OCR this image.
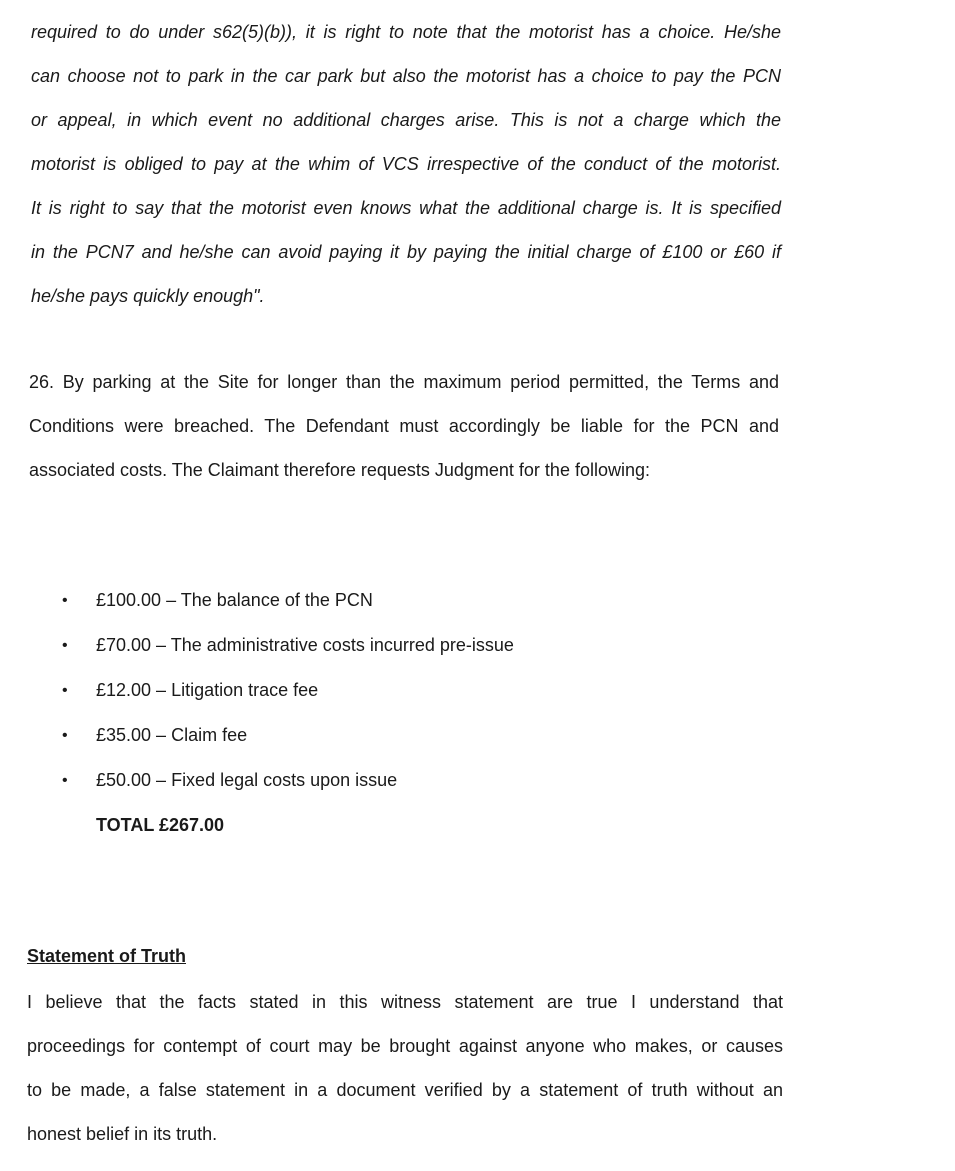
required to do under s62(5)(b)), it is right to note that the motorist has a choice. He/she
can choose not to park in the car park but also the motorist has a choice to pay the PCN
or appeal, in which event no additional charges arise. This is not a charge which the
motorist is obliged to pay at the whim of VCS irrespective of the conduct of the motorist.
It is right to say that the motorist even knows what the additional charge is. It is specified
in the PCN7 and he/she can avoid paying it by paying the initial charge of £100 or £60 if
he/she pays quickly enough".

26. By parking at the Site for longer than the maximum period permitted, the Terms and
Conditions were breached. The Defendant must accordingly be liable for the PCN and
associated costs. The Claimant therefore requests Judgment for the following:

• £100.00 – The balance of the PCN
• £70.00 – The administrative costs incurred pre-issue
• £12.00 – Litigation trace fee
• £35.00 – Claim fee
• £50.00 – Fixed legal costs upon issue
TOTAL £267.00
Statement of Truth

I believe that the facts stated in this witness statement are true I understand that
proceedings for contempt of court may be brought against anyone who makes, or causes
to be made, a false statement in a document verified by a statement of truth without an
honest belief in its truth.
